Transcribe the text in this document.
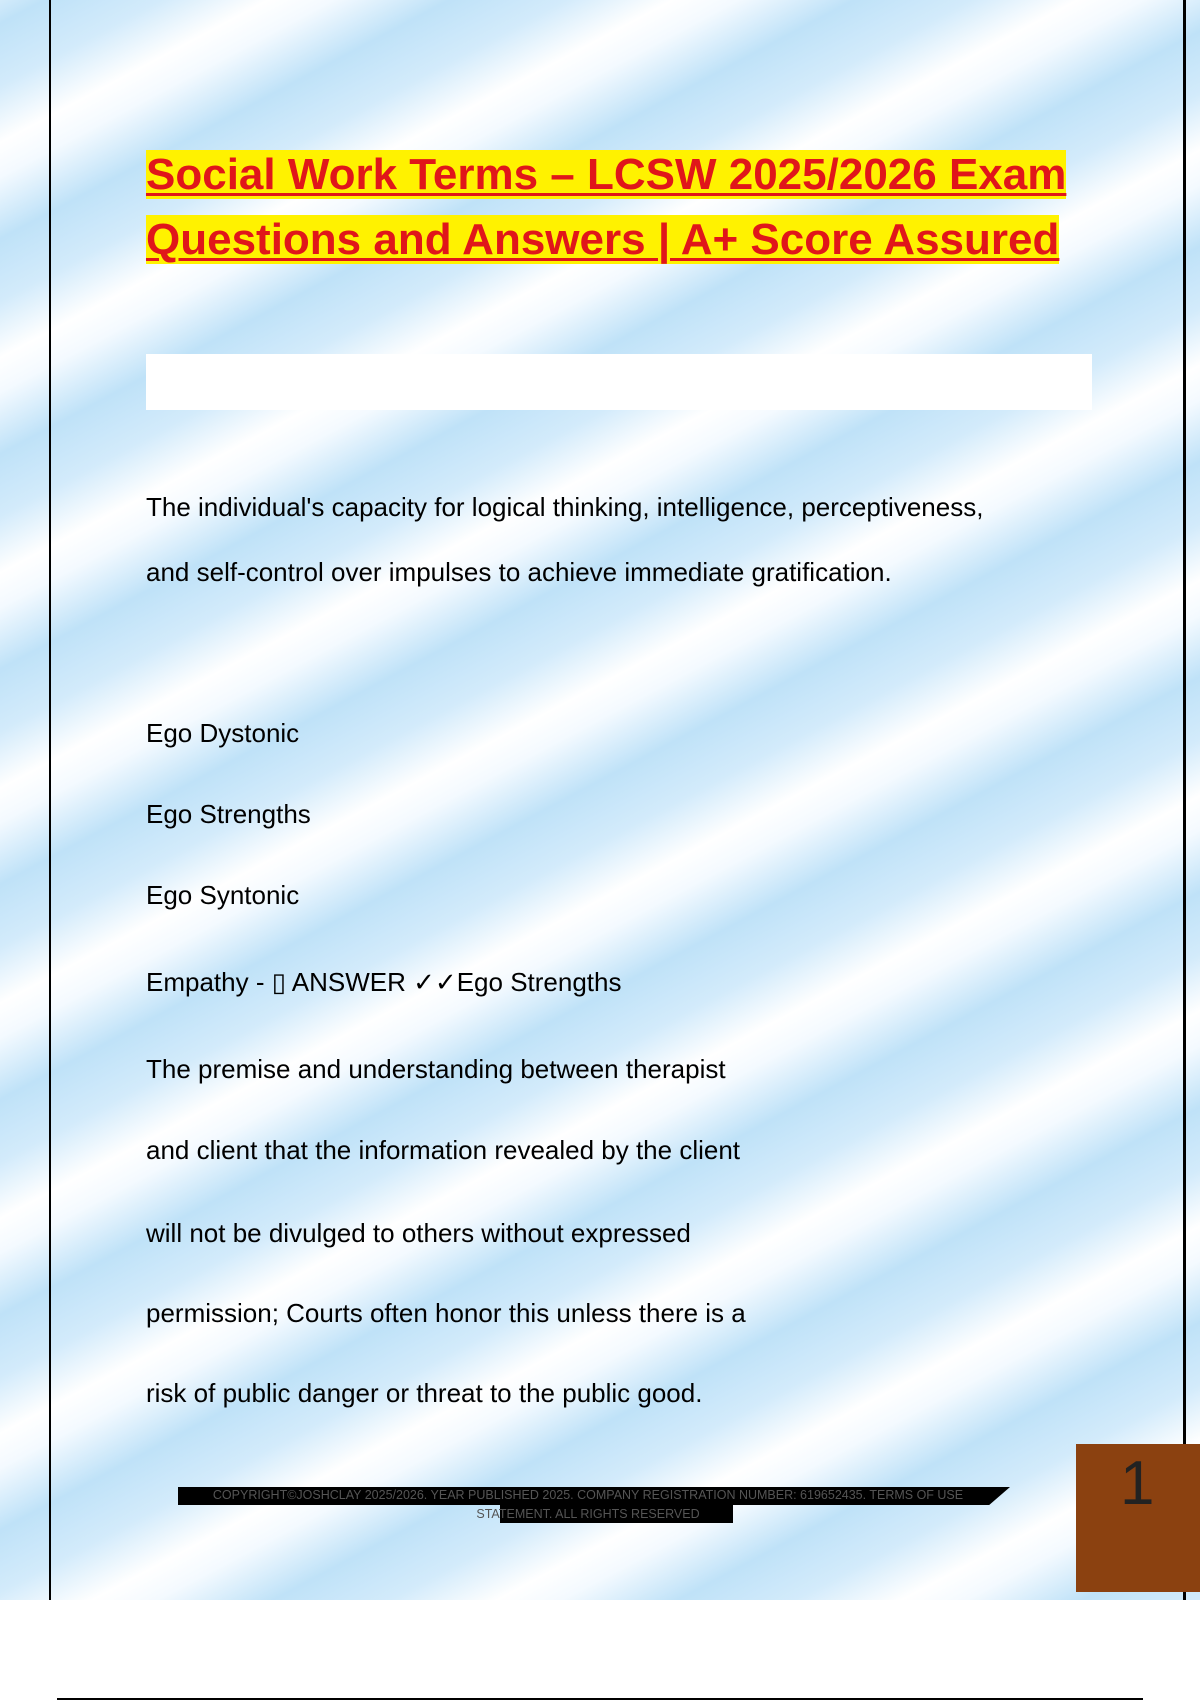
Social Work Terms – LCSW 2025/2026 Exam Questions and Answers | A+ Score Assured

The individual's capacity for logical thinking, intelligence, perceptiveness,

and self-control over impulses to achieve immediate gratification.

Ego Dystonic

Ego Strengths

Ego Syntonic

Empathy - ▯ ANSWER ✓✓Ego Strengths

The premise and understanding between therapist

and client that the information revealed by the client

will not be divulged to others without expressed

permission; Courts often honor this unless there is a

risk of public danger or threat to the public good.

COPYRIGHT©JOSHCLAY 2025/2026. YEAR PUBLISHED 2025. COMPANY REGISTRATION NUMBER: 619652435. TERMS OF USE STATEMENT. ALL RIGHTS RESERVED	1
